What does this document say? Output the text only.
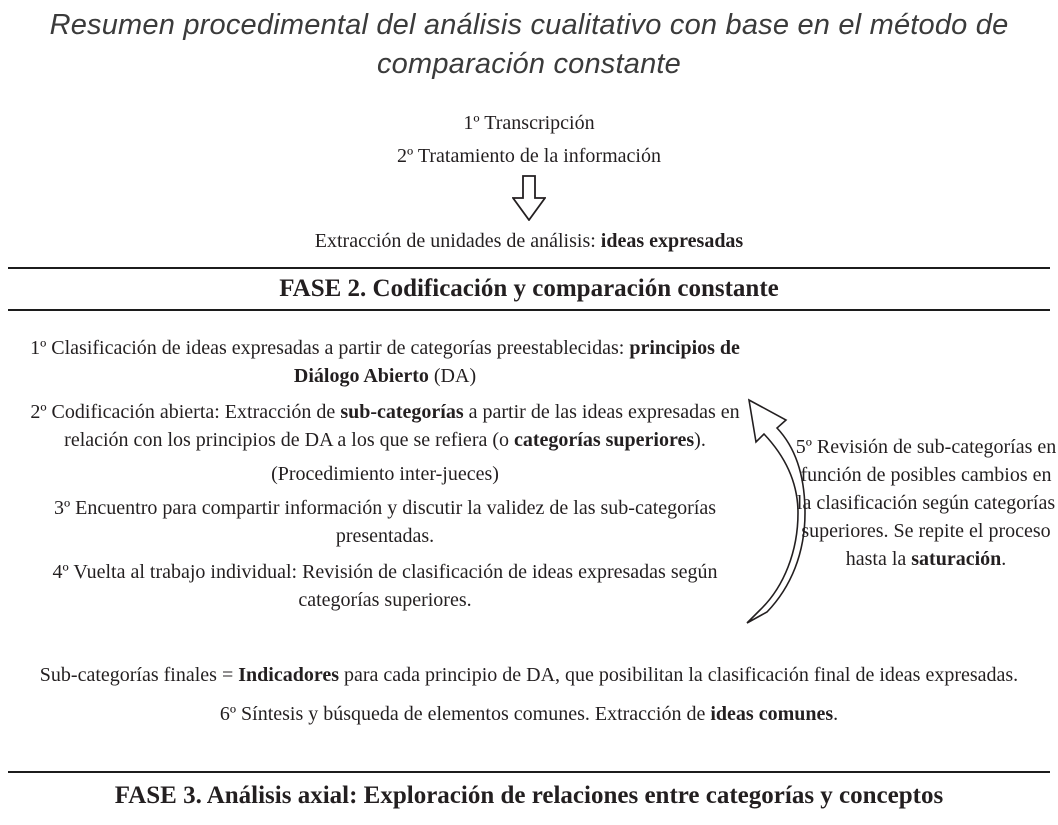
Resumen procedimental del análisis cualitativo con base en el método de comparación constante
1º Transcripción
2º Tratamiento de la información
Extracción de unidades de análisis: ideas expresadas
FASE 2. Codificación y comparación constante

1º Clasificación de ideas expresadas a partir de categorías preestablecidas: principios de Diálogo Abierto (DA)

2º Codificación abierta: Extracción de sub-categorías a partir de las ideas expresadas en relación con los principios de DA a los que se refiera (o categorías superiores).

(Procedimiento inter-jueces)

3º Encuentro para compartir información y discutir la validez de las sub-categorías presentadas.

4º Vuelta al trabajo individual: Revisión de clasificación de ideas expresadas según categorías superiores.

5º Revisión de sub-categorías en función de posibles cambios en la clasificación según categorías superiores. Se repite el proceso hasta la saturación.

Sub-categorías finales = Indicadores para cada principio de DA, que posibilitan la clasificación final de ideas expresadas.

6º Síntesis y búsqueda de elementos comunes. Extracción de ideas comunes.

FASE 3. Análisis axial: Exploración de relaciones entre categorías y conceptos
